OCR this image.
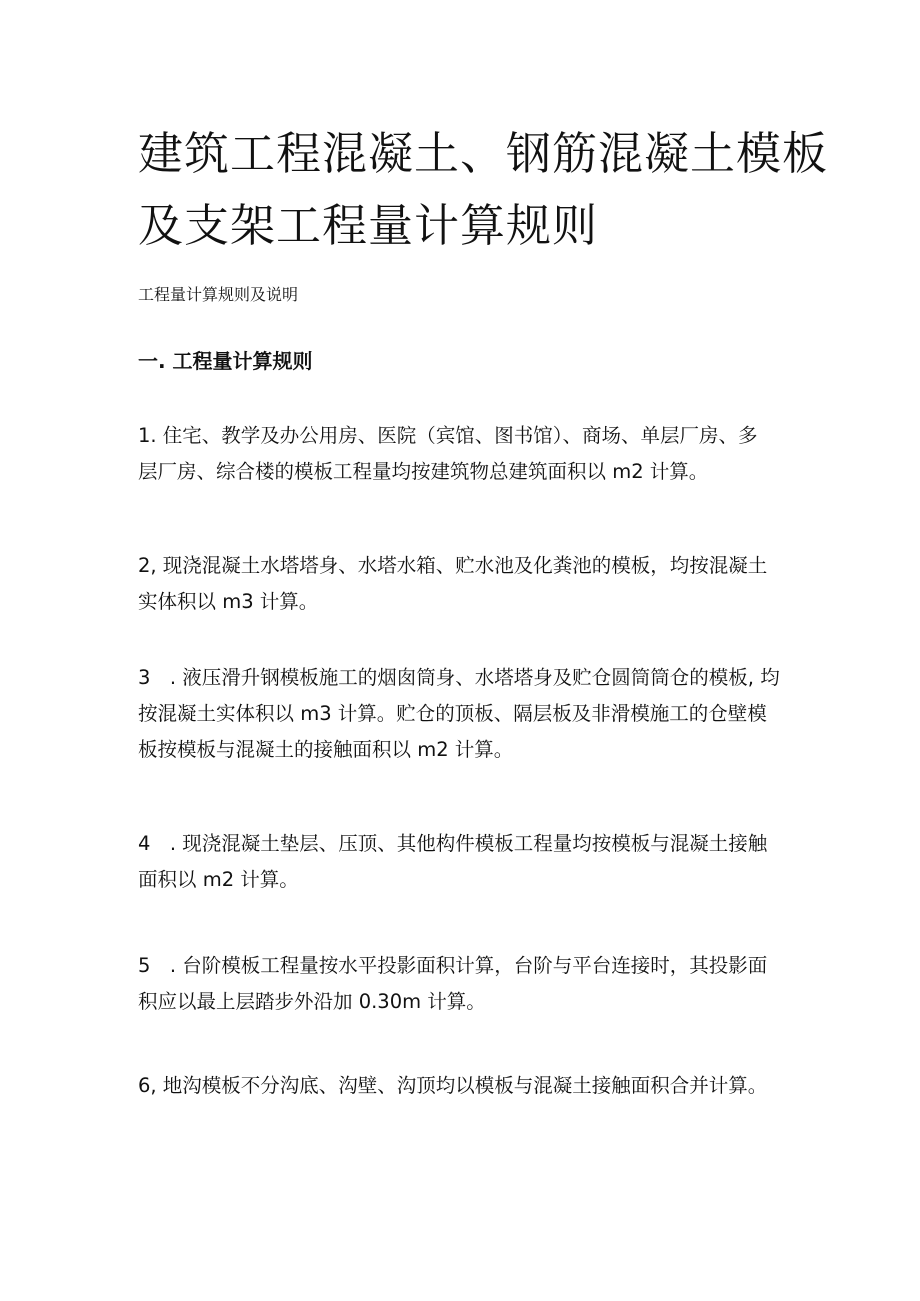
建筑工程混凝土、钢筋混凝土模板
及支架工程量计算规则
工程量计算规则及说明
一. 工程量计算规则

1. 住宅、教学及办公用房、医院（宾馆、图书馆）、商场、单层厂房、多
层厂房、综合楼的模板工程量均按建筑物总建筑面积以 m2 计算。

2, 现浇混凝土水塔塔身、水塔水箱、贮水池及化粪池的模板，均按混凝土
实体积以 m3 计算。

3　. 液压滑升钢模板施工的烟囱筒身、水塔塔身及贮仓圆筒筒仓的模板, 均
按混凝土实体积以 m3 计算。贮仓的顶板、隔层板及非滑模施工的仓壁模
板按模板与混凝土的接触面积以 m2 计算。

4　. 现浇混凝土垫层、压顶、其他构件模板工程量均按模板与混凝土接触
面积以 m2 计算。

5　. 台阶模板工程量按水平投影面积计算，台阶与平台连接时，其投影面
积应以最上层踏步外沿加 0.30m 计算。

6, 地沟模板不分沟底、沟壁、沟顶均以模板与混凝土接触面积合并计算。
